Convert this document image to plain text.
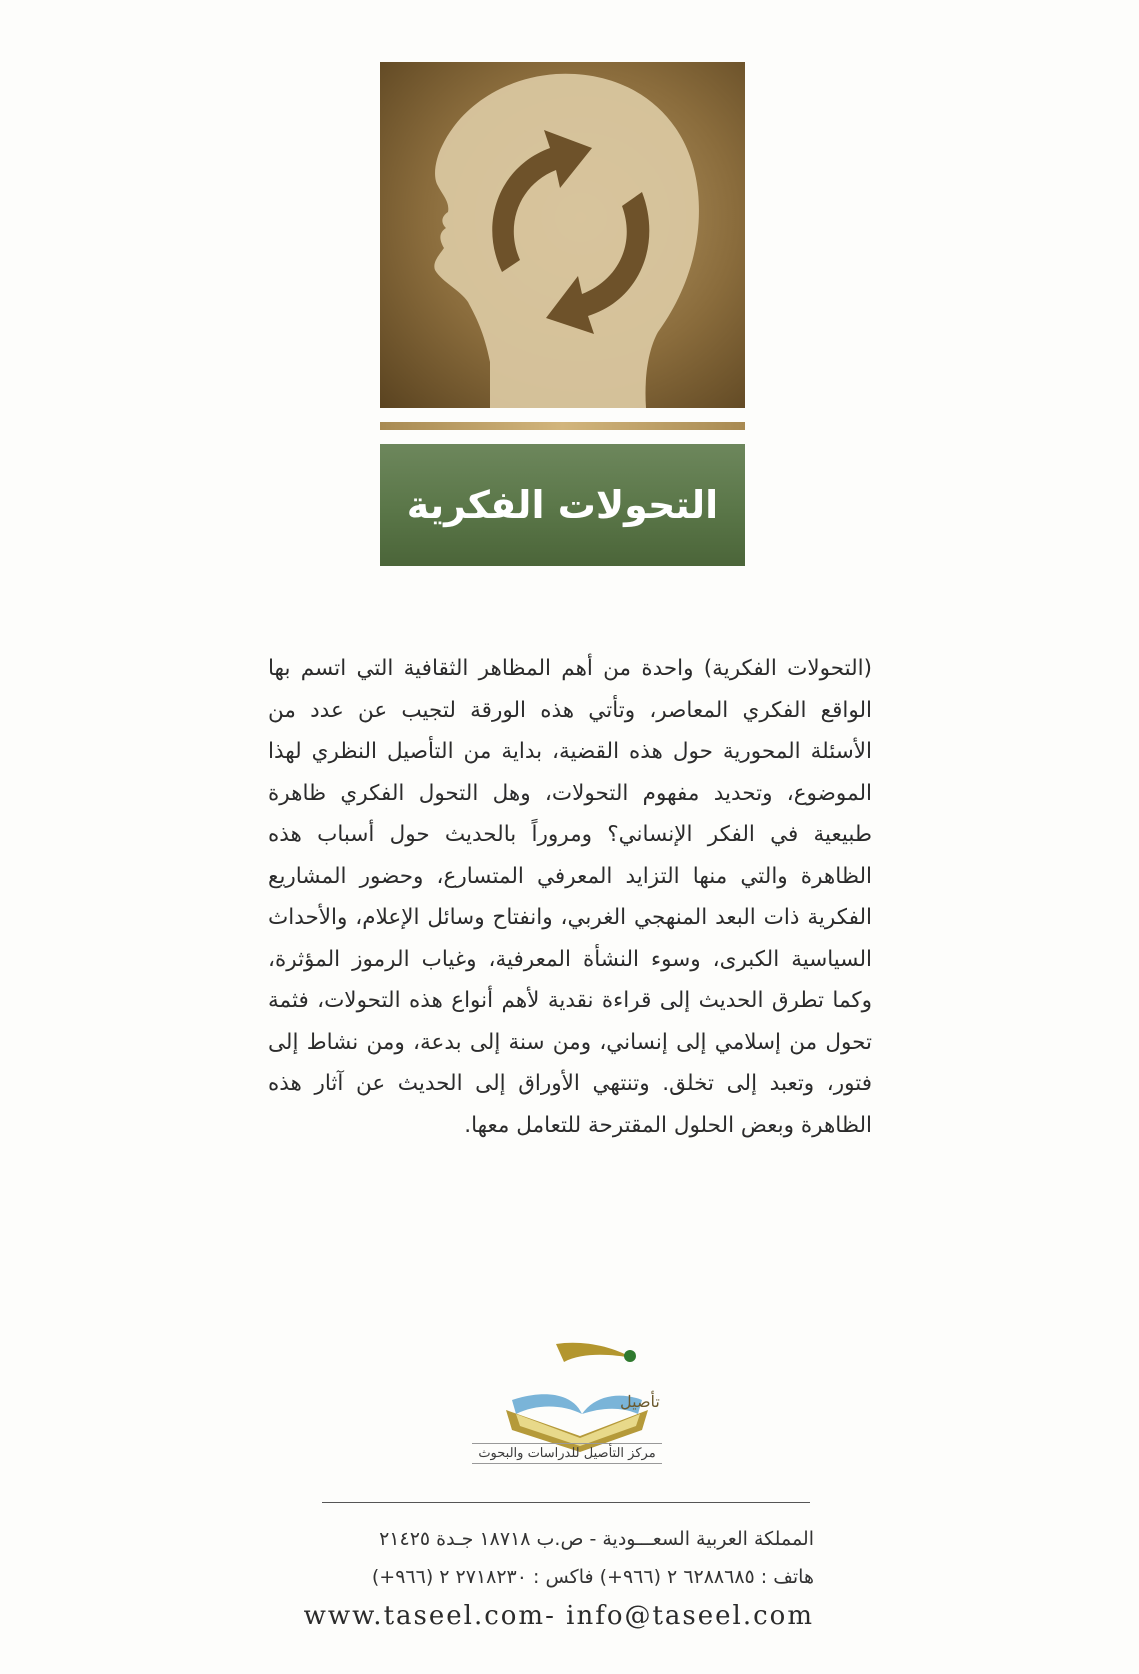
التحولات الفكرية
(التحولات الفكرية) واحدة من أهم المظاهر الثقافية التي اتسم بها الواقع الفكري المعاصر، وتأتي هذه الورقة لتجيب عن عدد من الأسئلة المحورية حول هذه القضية، بداية من التأصيل النظري لهذا الموضوع، وتحديد مفهوم التحولات، وهل التحول الفكري ظاهرة طبيعية في الفكر الإنساني؟ ومروراً بالحديث حول أسباب هذه الظاهرة والتي منها التزايد المعرفي المتسارع، وحضور المشاريع الفكرية ذات البعد المنهجي الغربي، وانفتاح وسائل الإعلام، والأحداث السياسية الكبرى، وسوء النشأة المعرفية، وغياب الرموز المؤثرة، وكما تطرق الحديث إلى قراءة نقدية لأهم أنواع هذه التحولات، فثمة تحول من إسلامي إلى إنساني، ومن سنة إلى بدعة، ومن نشاط إلى فتور، وتعبد إلى تخلق. وتنتهي الأوراق إلى الحديث عن آثار هذه الظاهرة وبعض الحلول المقترحة للتعامل معها.
تأصيل
مركز التأصيل للدراسات والبحوث
المملكة العربية السعـــودية - ص.ب ١٨٧١٨ جـدة ٢١٤٢٥
هاتف : ٦٢٨٨٦٨٥ ٢ (٩٦٦+) فاكس : ٢٧١٨٢٣٠ ٢ (٩٦٦+)
www.taseel.com- info@taseel.com
